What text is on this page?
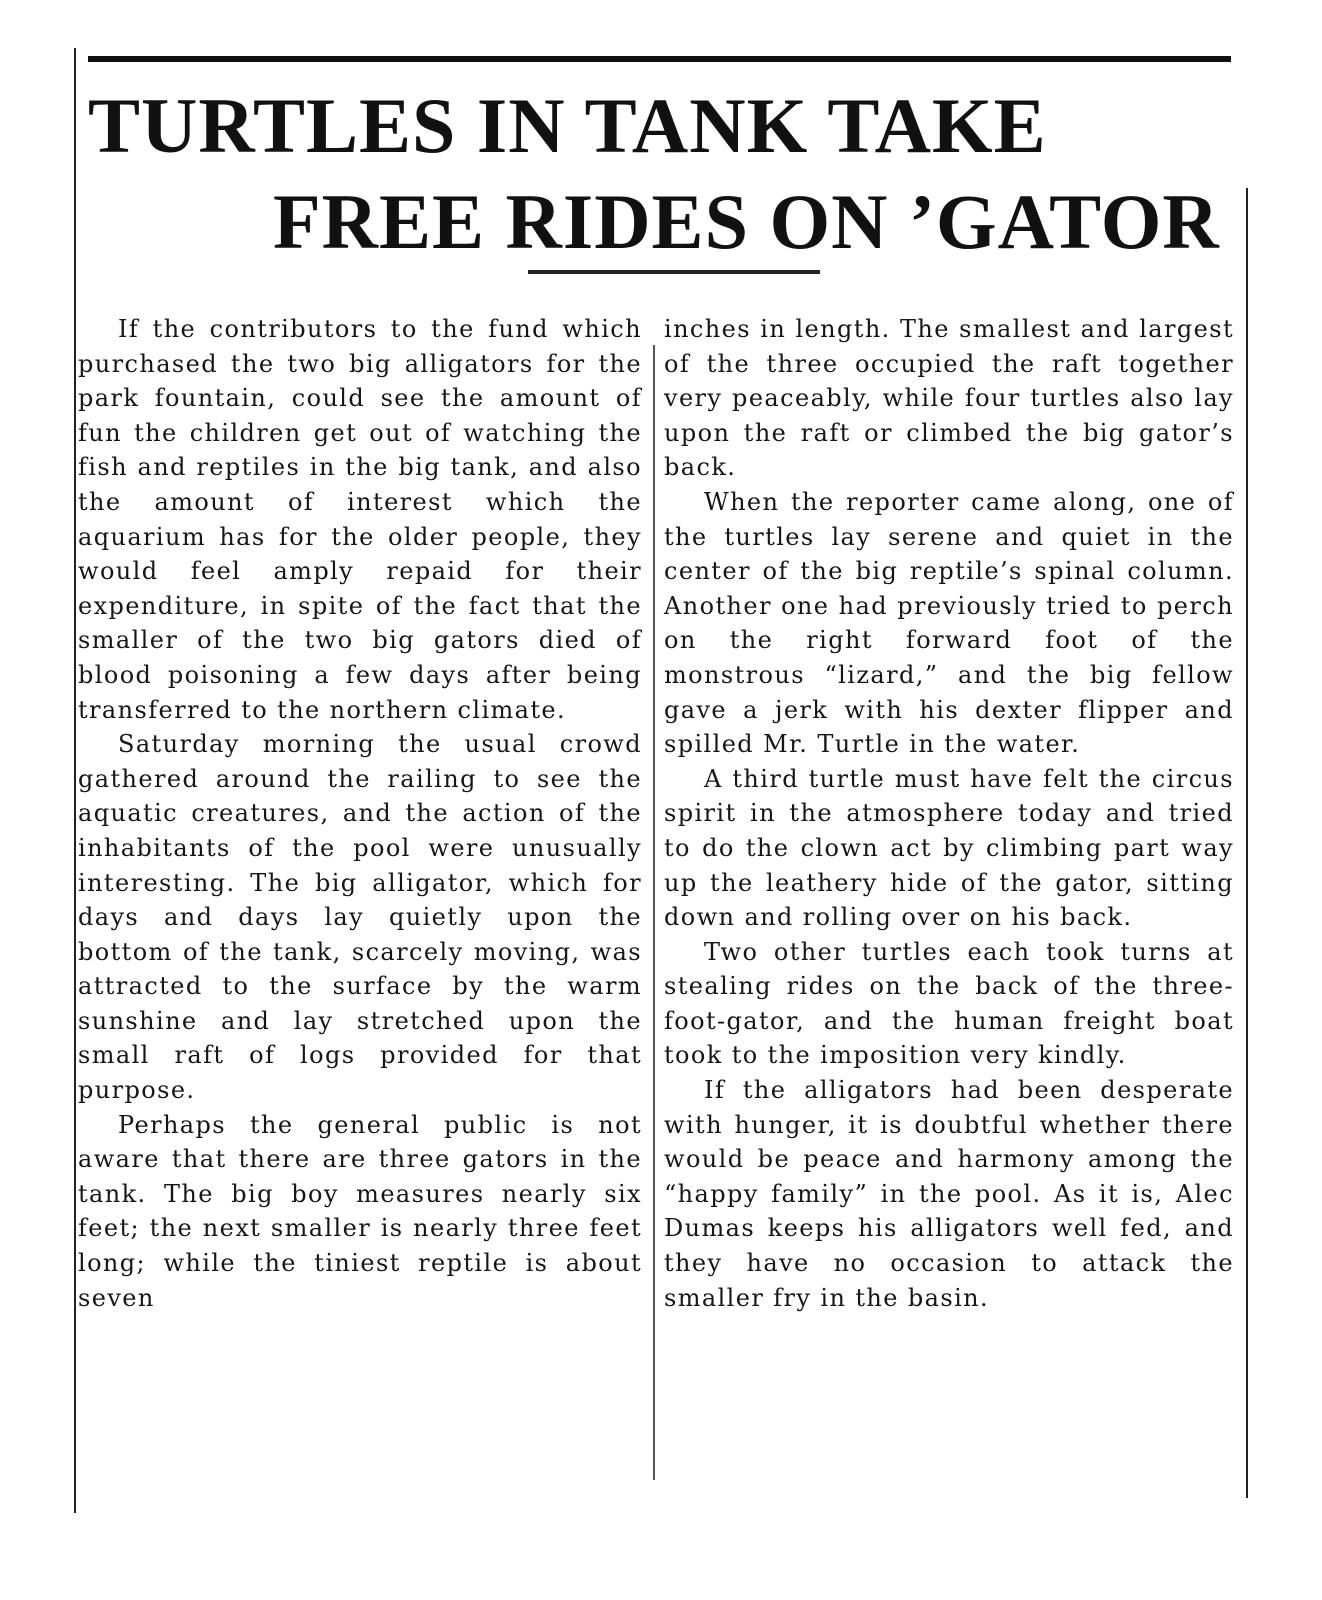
TURTLES IN TANK TAKE
FREE RIDES ON ’GATOR

If the contributors to the fund which purchased the two big alligators for the park fountain, could see the amount of fun the children get out of watching the fish and reptiles in the big tank, and also the amount of interest which the aquarium has for the older people, they would feel amply repaid for their expenditure, in spite of the fact that the smaller of the two big gators died of blood poisoning a few days after being transferred to the northern climate.

Saturday morning the usual crowd gathered around the railing to see the aquatic creatures, and the action of the inhabitants of the pool were unusually interesting. The big alligator, which for days and days lay quietly upon the bottom of the tank, scarcely moving, was attracted to the surface by the warm sunshine and lay stretched upon the small raft of logs provided for that purpose.

Perhaps the general public is not aware that there are three gators in the tank. The big boy measures nearly six feet; the next smaller is nearly three feet long; while the tiniest reptile is about seven

inches in length. The smallest and largest of the three occupied the raft together very peaceably, while four turtles also lay upon the raft or climbed the big gator’s back.

When the reporter came along, one of the turtles lay serene and quiet in the center of the big reptile’s spinal column. Another one had previously tried to perch on the right forward foot of the monstrous “lizard,” and the big fellow gave a jerk with his dexter flipper and spilled Mr. Turtle in the water.

A third turtle must have felt the circus spirit in the atmosphere today and tried to do the clown act by climbing part way up the leathery hide of the gator, sitting down and rolling over on his back.

Two other turtles each took turns at stealing rides on the back of the three-foot-gator, and the human freight boat took to the imposition very kindly.

If the alligators had been desperate with hunger, it is doubtful whether there would be peace and harmony among the “happy family” in the pool. As it is, Alec Dumas keeps his alligators well fed, and they have no occasion to attack the smaller fry in the basin.
